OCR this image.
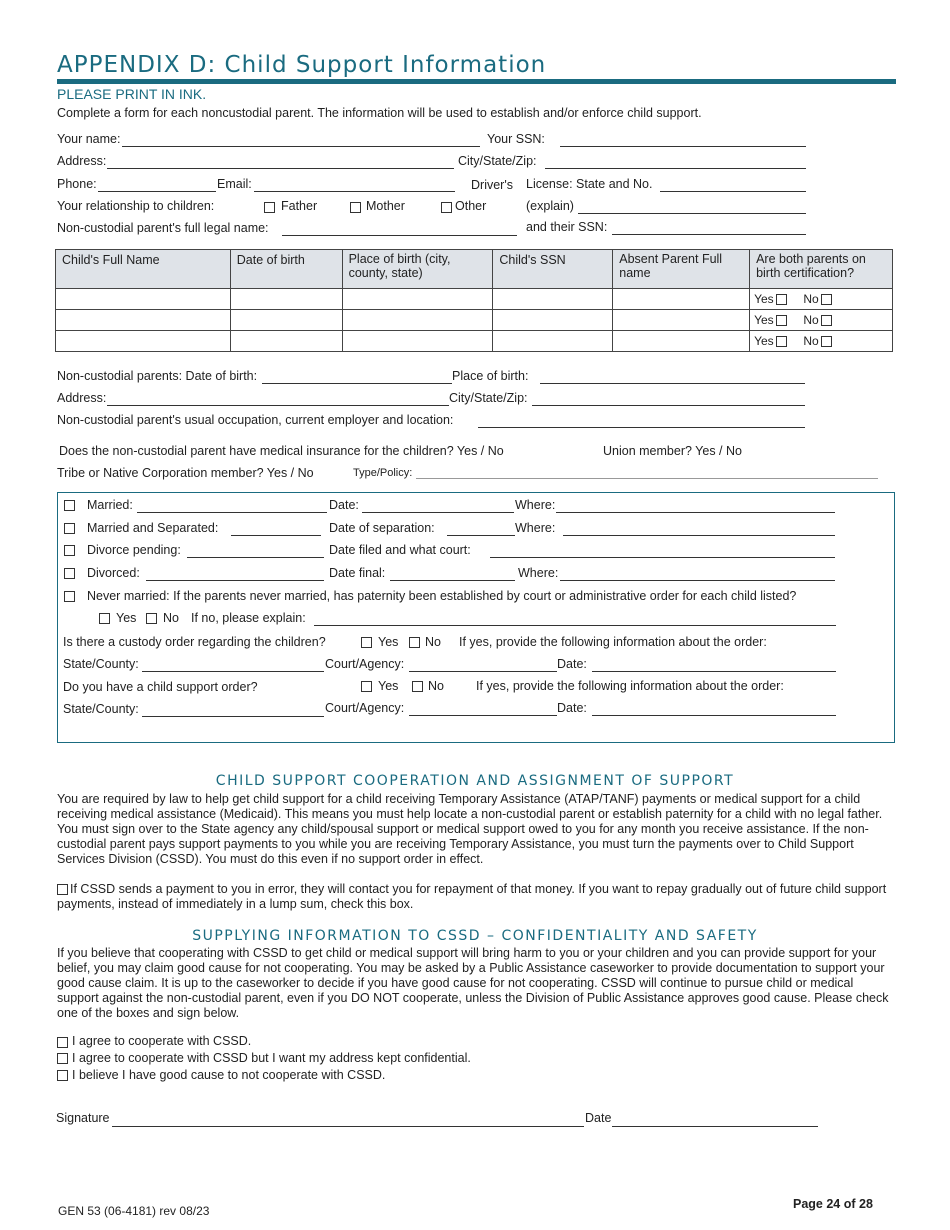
APPENDIX D: Child Support Information
PLEASE PRINT IN INK.
Complete a form for each noncustodial parent. The information will be used to establish and/or enforce child support.
Your name:	Your SSN:
Address:	City/State/Zip:
Phone:	Email:	Driver's License: State and No.
Your relationship to children:	Father	Mother	Other	(explain)
Non-custodial parent's full legal name:	and their SSN:
Child's Full Name	Date of birth	Place of birth (city, county, state)	Child's SSN	Absent Parent Full name	Are both parents on birth certification?
					Yes No
					Yes No
					Yes No
Non-custodial parents: Date of birth:	Place of birth:
Address:	City/State/Zip:
Non-custodial parent's usual occupation, current employer and location:
Does the non-custodial parent have medical insurance for the children? Yes / No	Union member? Yes / No
Tribe or Native Corporation member? Yes / No	Type/Policy:
Married:	Date:	Where:
Married and Separated:	Date of separation:	Where:
Divorce pending:	Date filed and what court:
Divorced:	Date final:	Where:
Never married: If the parents never married, has paternity been established by court or administrative order for each child listed?
Yes No If no, please explain:
Is there a custody order regarding the children?	Yes No If yes, provide the following information about the order:
State/County:	Court/Agency:	Date:
Do you have a child support order?	Yes No	If yes, provide the following information about the order:
State/County:	Court/Agency:	Date:
CHILD SUPPORT COOPERATION AND ASSIGNMENT OF SUPPORT
You are required by law to help get child support for a child receiving Temporary Assistance (ATAP/TANF) payments or medical support for a child receiving medical assistance (Medicaid). This means you must help locate a non-custodial parent or establish paternity for a child with no legal father. You must sign over to the State agency any child/spousal support or medical support owed to you for any month you receive assistance. If the non-custodial parent pays support payments to you while you are receiving Temporary Assistance, you must turn the payments over to Child Support Services Division (CSSD). You must do this even if no support order in effect.
If CSSD sends a payment to you in error, they will contact you for repayment of that money. If you want to repay gradually out of future child support payments, instead of immediately in a lump sum, check this box.
SUPPLYING INFORMATION TO CSSD – CONFIDENTIALITY AND SAFETY
If you believe that cooperating with CSSD to get child or medical support will bring harm to you or your children and you can provide support for your belief, you may claim good cause for not cooperating. You may be asked by a Public Assistance caseworker to provide documentation to support your good cause claim. It is up to the caseworker to decide if you have good cause for not cooperating. CSSD will continue to pursue child or medical support against the non-custodial parent, even if you DO NOT cooperate, unless the Division of Public Assistance approves good cause. Please check one of the boxes and sign below.
I agree to cooperate with CSSD.
I agree to cooperate with CSSD but I want my address kept confidential.
I believe I have good cause to not cooperate with CSSD.
Signature	Date
GEN 53 (06-4181) rev 08/23	Page 24 of 28
